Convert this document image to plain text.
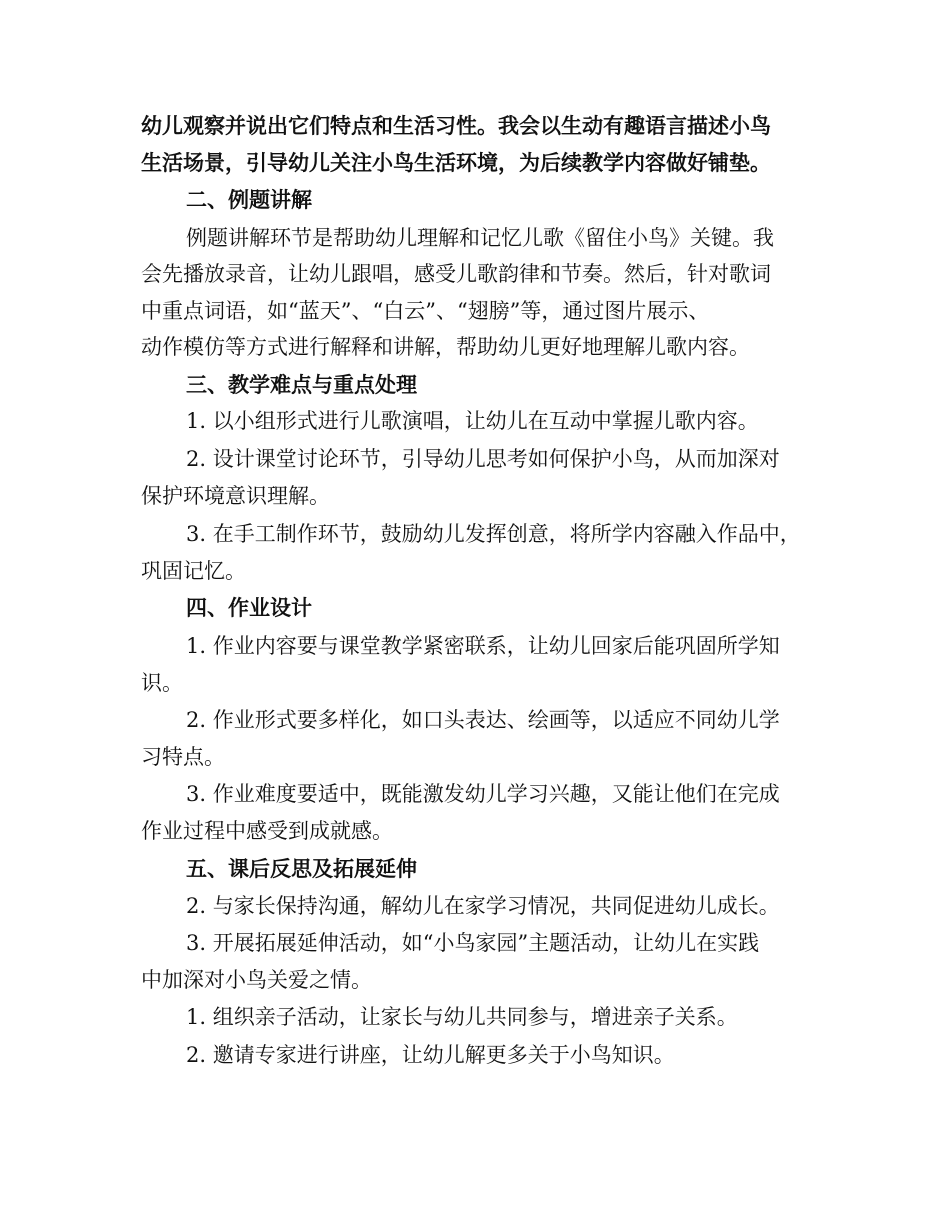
幼儿观察并说出它们特点和生活习性。我会以生动有趣语言描述小鸟
生活场景，引导幼儿关注小鸟生活环境，为后续教学内容做好铺垫。
二、例题讲解
例题讲解环节是帮助幼儿理解和记忆儿歌《留住小鸟》关键。我
会先播放录音，让幼儿跟唱，感受儿歌韵律和节奏。然后，针对歌词
中重点词语，如“蓝天”、“白云”、“翅膀”等，通过图片展示、
动作模仿等方式进行解释和讲解，帮助幼儿更好地理解儿歌内容。
三、教学难点与重点处理
1. 以小组形式进行儿歌演唱，让幼儿在互动中掌握儿歌内容。
2. 设计课堂讨论环节，引导幼儿思考如何保护小鸟，从而加深对
保护环境意识理解。
3. 在手工制作环节，鼓励幼儿发挥创意，将所学内容融入作品中，
巩固记忆。
四、作业设计
1. 作业内容要与课堂教学紧密联系，让幼儿回家后能巩固所学知
识。
2. 作业形式要多样化，如口头表达、绘画等，以适应不同幼儿学
习特点。
3. 作业难度要适中，既能激发幼儿学习兴趣，又能让他们在完成
作业过程中感受到成就感。
五、课后反思及拓展延伸
2. 与家长保持沟通，解幼儿在家学习情况，共同促进幼儿成长。
3. 开展拓展延伸活动，如“小鸟家园”主题活动，让幼儿在实践
中加深对小鸟关爱之情。
1. 组织亲子活动，让家长与幼儿共同参与，增进亲子关系。
2. 邀请专家进行讲座，让幼儿解更多关于小鸟知识。
